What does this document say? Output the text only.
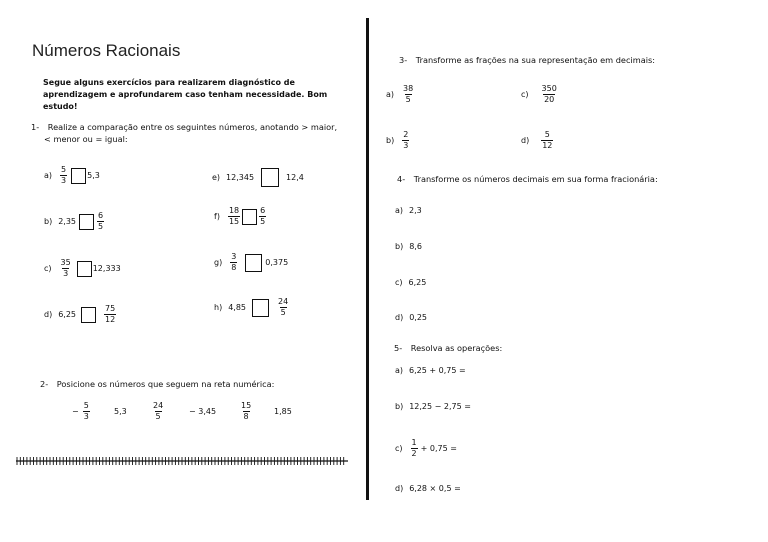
Números Racionais
Segue alguns exercícios para realizarem diagnóstico de aprendizagem e aprofundarem caso tenham necessidade. Bom estudo!
1- Realize a comparação entre os seguintes números, anotando > maior,
< menor ou = igual:
$a) \frac{5}{3}$	5,3
b) 2,35	$\frac{6}{5}$
$c) \frac{35}{3}$	12,333
d) 6,25	$\frac{75}{12}$
e) 12,345	12,4
$f) \frac{18}{15} \frac{6}{5}$
$g) \frac{3}{8}$	0,375
h) 4,85	$\frac{24}{5}$
2- Posicione os números que seguem na reta numérica:
− $\frac{5}{3}$	5,3	$\frac{24}{5}$	− 3,45	$\frac{15}{8}$	1,85
3- Transforme as frações na sua representação em decimais:
$a) \frac{38}{5}$	$c) \frac{350}{20}$
$b) \frac{2}{3}$	$d) \frac{5}{12}$
4- Transforme os números decimais em sua forma fracionária:
a) 2,3
b) 8,6
c) 6,25
d) 0,25
5- Resolva as operações:
a) 6,25 + 0,75 =
b) 12,25 − 2,75 =
$c) \frac{1}{2} + 0,75$ =
d) 6,28 × 0,5 =
